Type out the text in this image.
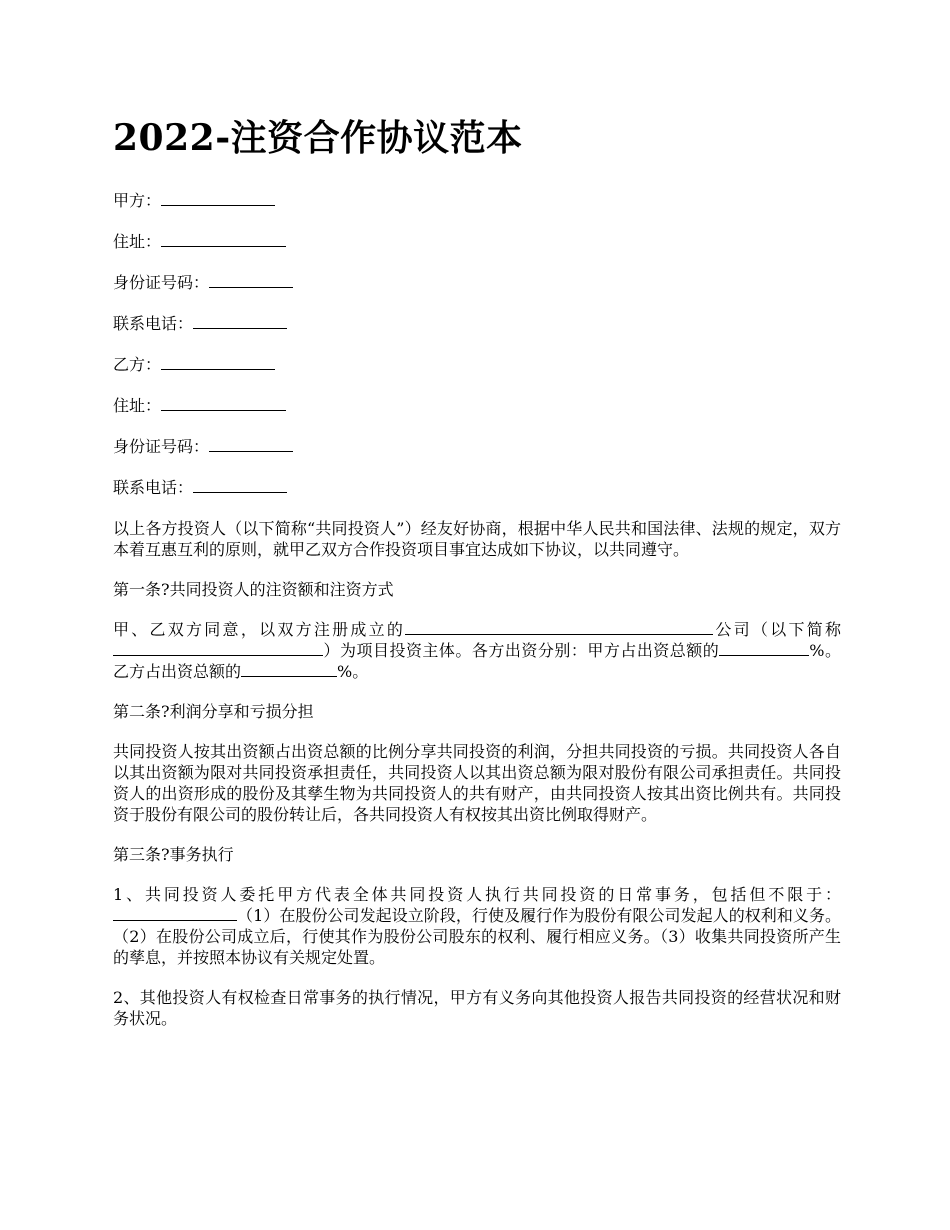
2022-注资合作协议范本
甲方：
住址：
身份证号码：
联系电话：
乙方：
住址：
身份证号码：
联系电话：

以上各方投资人（以下简称“共同投资人”）经友好协商，根据中华人民共和国法律、法规的规定，双方本着互惠互利的原则，就甲乙双方合作投资项目事宜达成如下协议，以共同遵守。

第一条?共同投资人的注资额和注资方式

甲、乙双方同意，以双方注册成立的	公司（以下简称）为项目投资主体。各方出资分别：甲方占出资总额的	%。乙方占出资总额的	%。

第二条?利润分享和亏损分担

共同投资人按其出资额占出资总额的比例分享共同投资的利润，分担共同投资的亏损。共同投资人各自以其出资额为限对共同投资承担责任，共同投资人以其出资总额为限对股份有限公司承担责任。共同投资人的出资形成的股份及其孳生物为共同投资人的共有财产，由共同投资人按其出资比例共有。共同投资于股份有限公司的股份转让后，各共同投资人有权按其出资比例取得财产。

第三条?事务执行

1、共同投资人委托甲方代表全体共同投资人执行共同投资的日常事务，包括但不限于：（1）在股份公司发起设立阶段，行使及履行作为股份有限公司发起人的权利和义务。（2）在股份公司成立后，行使其作为股份公司股东的权利、履行相应义务。（3）收集共同投资所产生的孳息，并按照本协议有关规定处置。

2、其他投资人有权检查日常事务的执行情况，甲方有义务向其他投资人报告共同投资的经营状况和财务状况。
